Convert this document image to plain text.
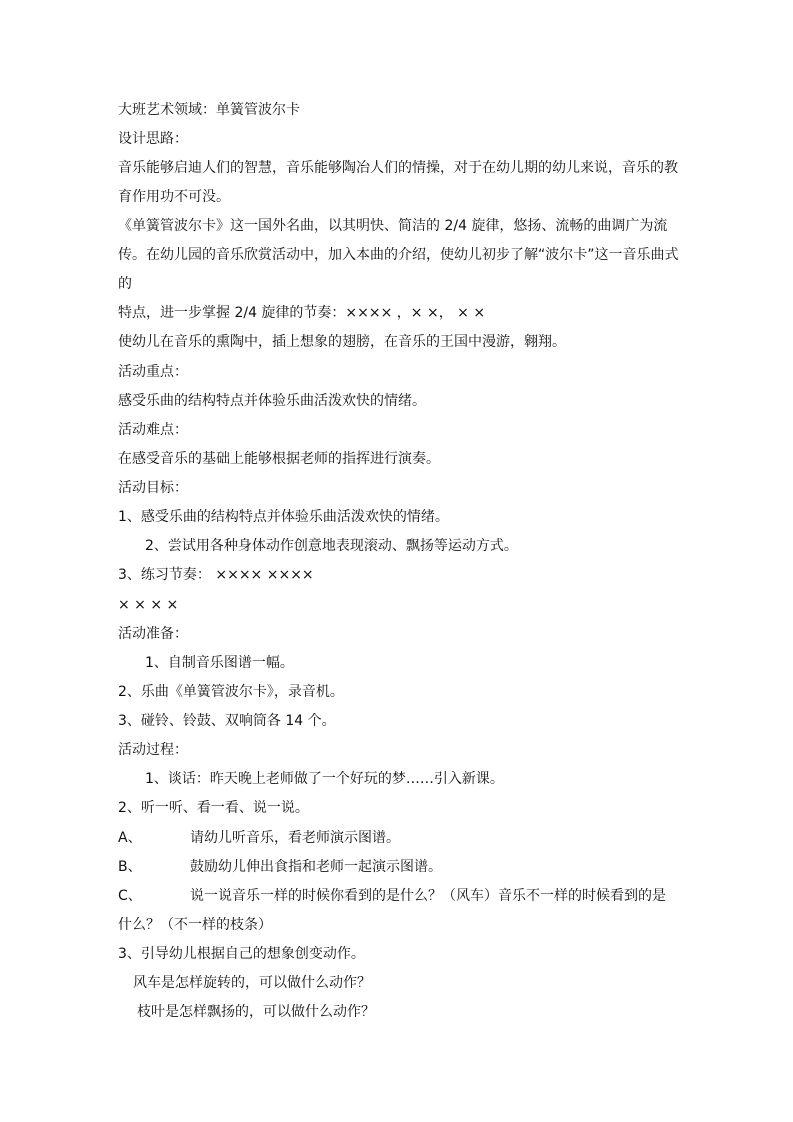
大班艺术领域：单簧管波尔卡

设计思路：

音乐能够启迪人们的智慧，音乐能够陶冶人们的情操，对于在幼儿期的幼儿来说，音乐的教

育作用功不可没。

《单簧管波尔卡》这一国外名曲，以其明快、简洁的 2/4 旋律，悠扬、流畅的曲调广为流

传。在幼儿园的音乐欣赏活动中，加入本曲的介绍，使幼儿初步了解“波尔卡”这一音乐曲式

的

特点，进一步掌握 2/4 旋律的节奏：×××× ，× ×， × ×

使幼儿在音乐的熏陶中，插上想象的翅膀，在音乐的王国中漫游，翱翔。

活动重点：

感受乐曲的结构特点并体验乐曲活泼欢快的情绪。

活动难点：

在感受音乐的基础上能够根据老师的指挥进行演奏。

活动目标：

1、感受乐曲的结构特点并体验乐曲活泼欢快的情绪。

2、尝试用各种身体动作创意地表现滚动、飘扬等运动方式。

3、练习节奏： ×××× ××××

× × × ×

活动准备：

1、自制音乐图谱一幅。

2、乐曲《单簧管波尔卡》，录音机。

3、碰铃、铃鼓、双响筒各 14 个。

活动过程：

1、谈话：昨天晚上老师做了一个好玩的梦……引入新课。

2、听一听、看一看、说一说。

A、	请幼儿听音乐，看老师演示图谱。

B、	鼓励幼儿伸出食指和老师一起演示图谱。

C、	说一说音乐一样的时候你看到的是什么？（风车）音乐不一样的时候看到的是

什么？（不一样的枝条）

3、引导幼儿根据自己的想象创变动作。

风车是怎样旋转的，可以做什么动作？

枝叶是怎样飘扬的，可以做什么动作？
